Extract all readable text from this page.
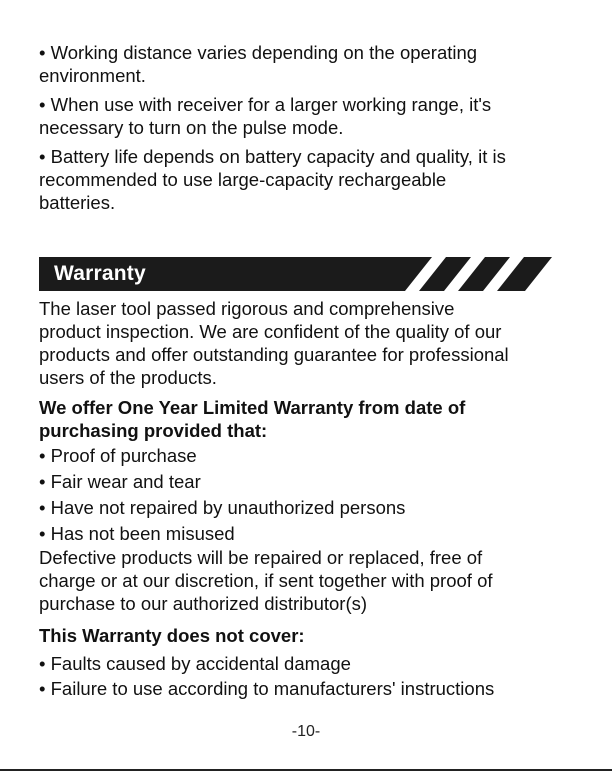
• Working distance varies depending on the operating
environment.

• When use with receiver for a larger working range, it's
necessary to turn on the pulse mode.

• Battery life depends on battery capacity and quality, it is
recommended to use large-capacity rechargeable
batteries.

Warranty

The laser tool passed rigorous and comprehensive
product inspection. We are confident of the quality of our
products and offer outstanding guarantee for professional
users of the products.

We offer One Year Limited Warranty from date of
purchasing provided that:

• Proof of purchase
• Fair wear and tear
• Have not repaired by unauthorized persons
• Has not been misused

Defective products will be repaired or replaced, free of
charge or at our discretion, if sent together with proof of
purchase to our authorized distributor(s)

This Warranty does not cover:

• Faults caused by accidental damage
• Failure to use according to manufacturers' instructions

-10-
